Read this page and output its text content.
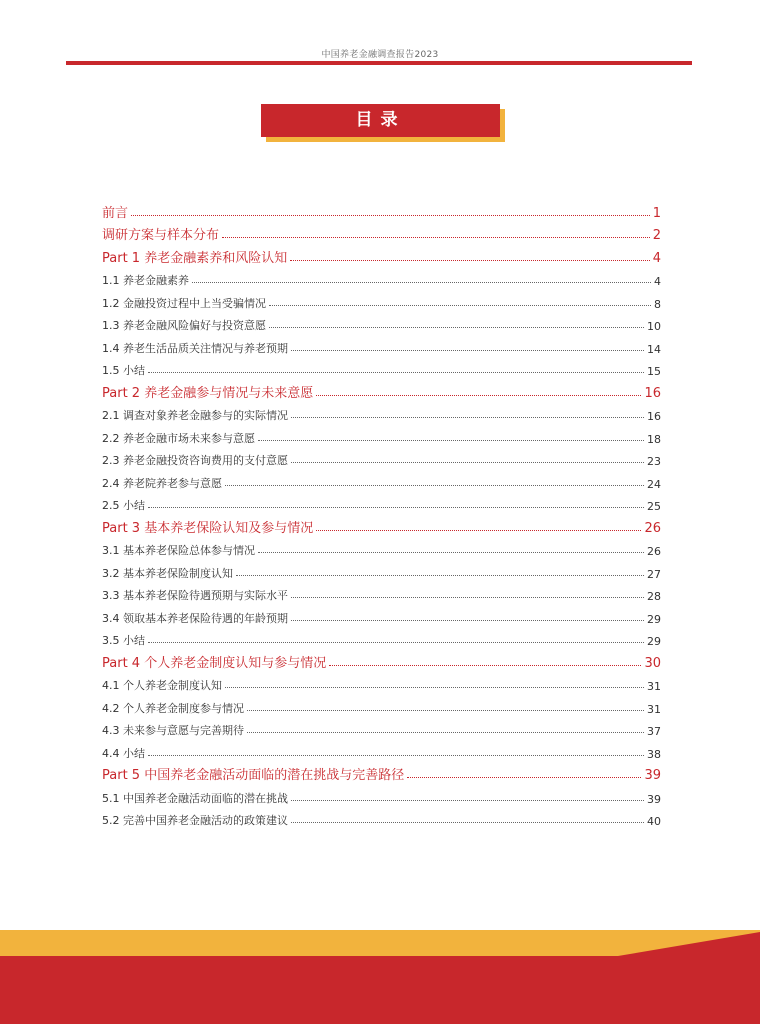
中国养老金融调查报告2023
目录
前言	1
调研方案与样本分布	2
Part 1 养老金融素养和风险认知	4
1.1 养老金融素养	4
1.2 金融投资过程中上当受骗情况	8
1.3 养老金融风险偏好与投资意愿	10
1.4 养老生活品质关注情况与养老预期	14
1.5 小结	15
Part 2 养老金融参与情况与未来意愿	16
2.1 调查对象养老金融参与的实际情况	16
2.2 养老金融市场未来参与意愿	18
2.3 养老金融投资咨询费用的支付意愿	23
2.4 养老院养老参与意愿	24
2.5 小结	25
Part 3 基本养老保险认知及参与情况	26
3.1 基本养老保险总体参与情况	26
3.2 基本养老保险制度认知	27
3.3 基本养老保险待遇预期与实际水平	28
3.4 领取基本养老保险待遇的年龄预期	29
3.5 小结	29
Part 4 个人养老金制度认知与参与情况	30
4.1 个人养老金制度认知	31
4.2 个人养老金制度参与情况	31
4.3 未来参与意愿与完善期待	37
4.4 小结	38
Part 5 中国养老金融活动面临的潜在挑战与完善路径	39
5.1 中国养老金融活动面临的潜在挑战	39
5.2 完善中国养老金融活动的政策建议	40
